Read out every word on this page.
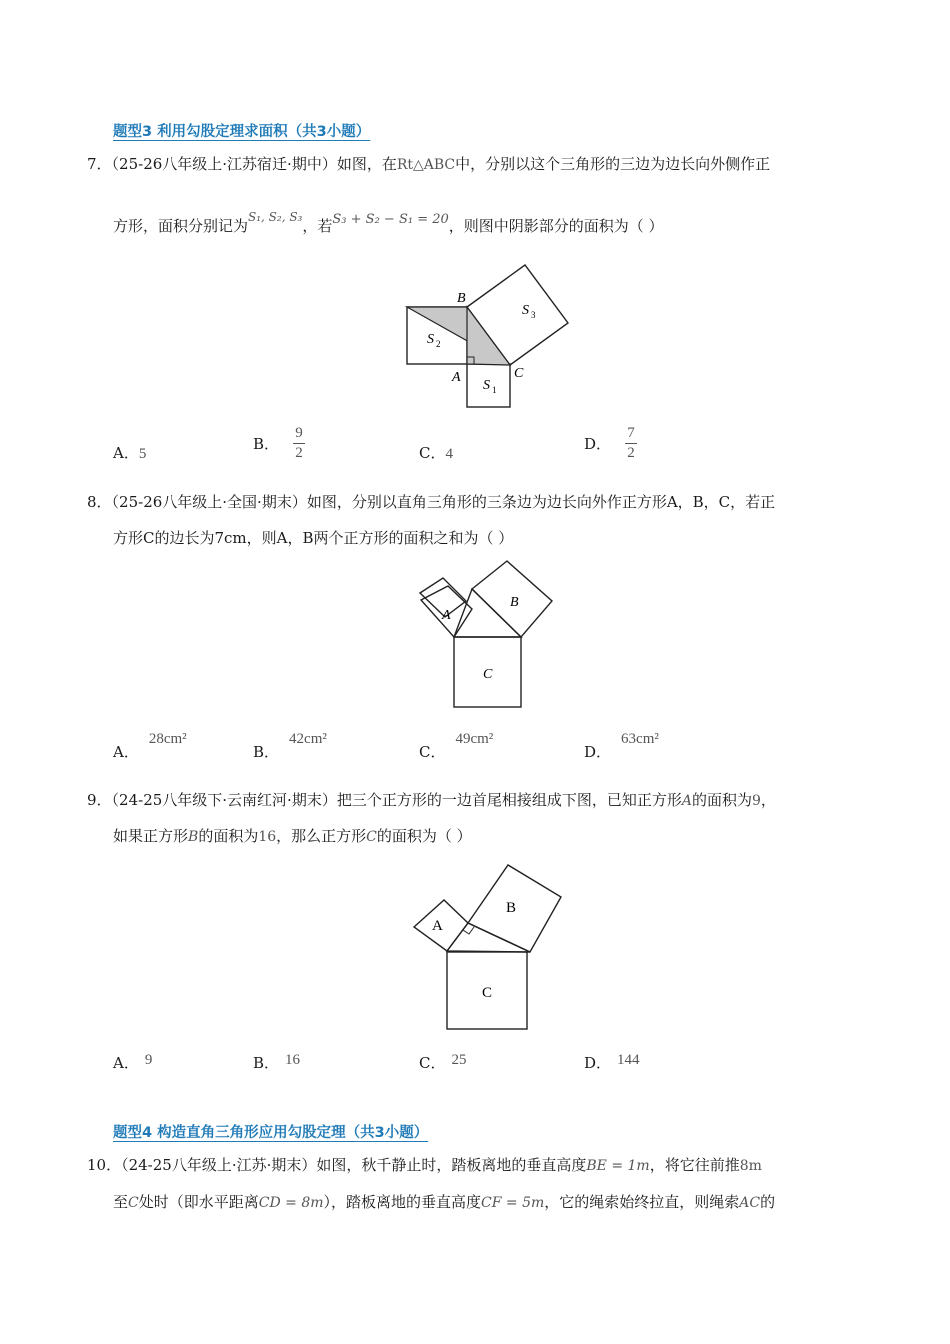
题型3 利用勾股定理求面积（共3小题）
7．（25-26八年级上·江苏宿迁·期中）如图，在Rt△ABC中，分别以这个三角形的三边为边长向外侧作正
方形，面积分别记为$^{S_1, S_2, S_3}$，若S₃ + S₂ − S₁ = 20，则图中阴影部分的面积为（ ）
B
A	C
S 2
S 1
S 3
A．5
B． $\frac{9}{2}$	C．4
D． $\frac{7}{2}$
8．（25-26八年级上·全国·期末）如图，分别以直角三角形的三条边为边长向外作正方形A，B，C，若正
方形C的边长为7cm，则A，B两个正方形的面积之和为（ ）
A
B
C
A．28cm²
B．42cm²
C．49cm²
D．63cm²
9．（24-25八年级下·云南红河·期末）把三个正方形的一边首尾相接组成下图，已知正方形A的面积为9，
如果正方形B的面积为16，那么正方形C的面积为（ ）
A
B
C
A． 9	B． 16	C． 25	D． 144
题型4 构造直角三角形应用勾股定理（共3小题）
10．（24-25八年级上·江苏·期末）如图，秋千静止时，踏板离地的垂直高度BE = 1m，将它往前推8m
至C处时（即水平距离CD = 8m），踏板离地的垂直高度CF = 5m，它的绳索始终拉直，则绳索AC的
